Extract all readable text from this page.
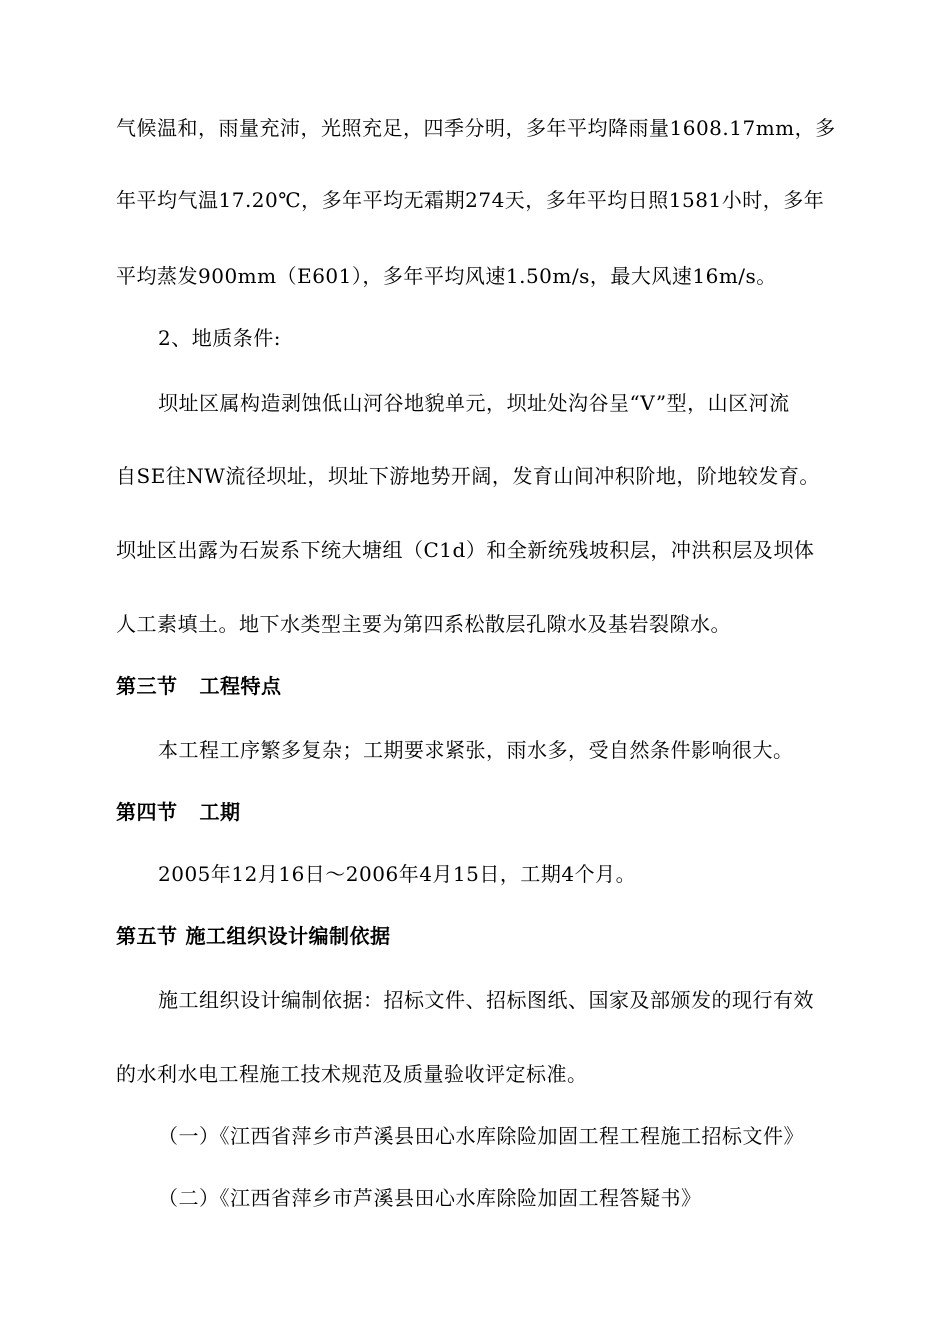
气候温和，雨量充沛，光照充足，四季分明，多年平均降雨量1608.17mm，多
年平均气温17.20℃，多年平均无霜期274天，多年平均日照1581小时，多年
平均蒸发900mm（E601），多年平均风速1.50m/s，最大风速16m/s。
2、地质条件:
坝址区属构造剥蚀低山河谷地貌单元，坝址处沟谷呈“V”型，山区河流
自SE往NW流径坝址，坝址下游地势开阔，发育山间冲积阶地，阶地较发育。
坝址区出露为石炭系下统大塘组（C1d）和全新统残坡积层，冲洪积层及坝体
人工素填土。地下水类型主要为第四系松散层孔隙水及基岩裂隙水。
第三节 工程特点
本工程工序繁多复杂；工期要求紧张，雨水多，受自然条件影响很大。
第四节 工期
2005年12月16日～2006年4月15日，工期4个月。
第五节 施工组织设计编制依据
施工组织设计编制依据：招标文件、招标图纸、国家及部颁发的现行有效
的水利水电工程施工技术规范及质量验收评定标准。
（一）《江西省萍乡市芦溪县田心水库除险加固工程工程施工招标文件》
（二）《江西省萍乡市芦溪县田心水库除险加固工程答疑书》
